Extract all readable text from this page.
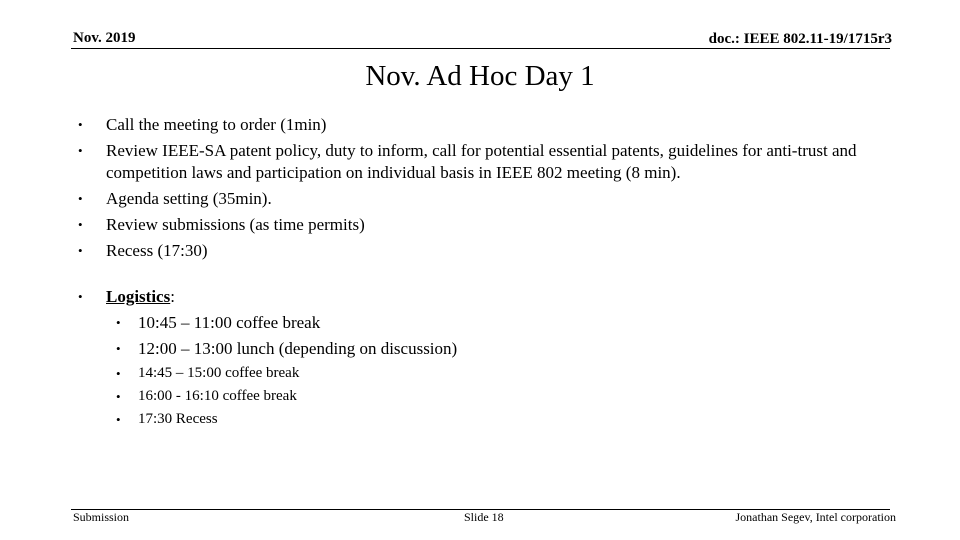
Nov. 2019	doc.: IEEE 802.11-19/1715r3
Nov. Ad Hoc Day 1
• Call the meeting to order (1min)
• Review IEEE-SA patent policy, duty to inform, call for potential essential patents, guidelines for anti-trust and competition laws and participation on individual basis in IEEE 802 meeting (8 min).
• Agenda setting (35min).
• Review submissions (as time permits)
• Recess (17:30)
• Logistics:
• 10:45 – 11:00 coffee break
• 12:00 – 13:00 lunch (depending on discussion)
• 14:45 – 15:00 coffee break
• 16:00 - 16:10 coffee break
• 17:30 Recess
Submission	Slide 18	Jonathan Segev, Intel corporation
